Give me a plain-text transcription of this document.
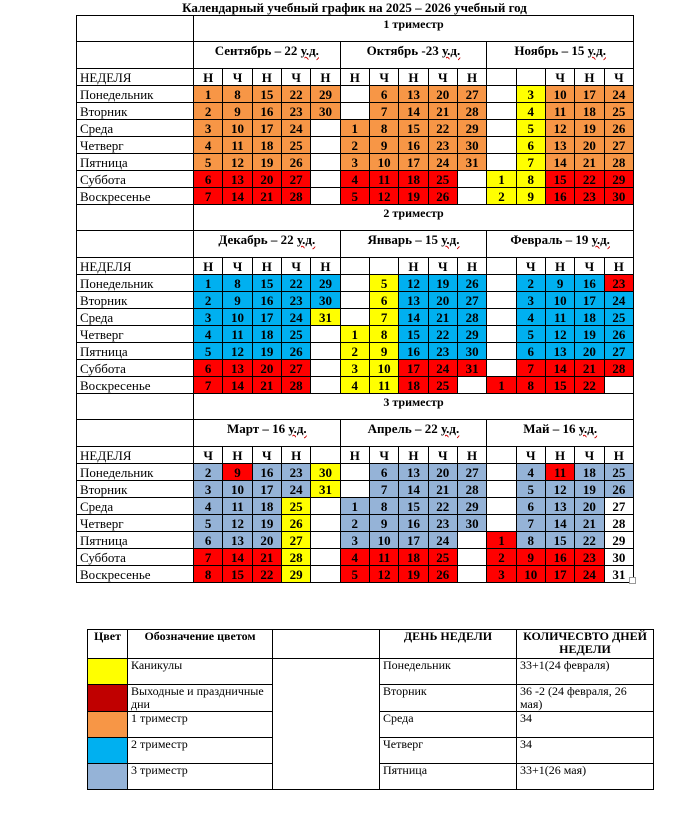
Календарный учебный график на 2025 – 2026 учебный год
	1 триместр														
	Сентябрь – 22 у.д.					Октябрь -23 у.д.					Ноябрь – 15 у.д.				
НЕДЕЛЯ	Н	Ч	Н	Ч	Н	Н	Ч	Н	Ч	Н			Ч	Н	Ч
Понедельник	1	8	15	22	29		6	13	20	27		3	10	17	24
Вторник	2	9	16	23	30		7	14	21	28		4	11	18	25
Среда	3	10	17	24		1	8	15	22	29		5	12	19	26
Четверг	4	11	18	25		2	9	16	23	30		6	13	20	27
Пятница	5	12	19	26		3	10	17	24	31		7	14	21	28
Суббота	6	13	20	27		4	11	18	25		1	8	15	22	29
Воскресенье	7	14	21	28		5	12	19	26		2	9	16	23	30
	2 триместр														
	Декабрь – 22 у.д.					Январь – 15 у.д.					Февраль – 19 у.д.				
НЕДЕЛЯ	Н	Ч	Н	Ч	Н			Н	Ч	Н		Ч	Н	Ч	Н
Понедельник	1	8	15	22	29		5	12	19	26		2	9	16	23
Вторник	2	9	16	23	30		6	13	20	27		3	10	17	24
Среда	3	10	17	24	31		7	14	21	28		4	11	18	25
Четверг	4	11	18	25		1	8	15	22	29		5	12	19	26
Пятница	5	12	19	26		2	9	16	23	30		6	13	20	27
Суббота	6	13	20	27		3	10	17	24	31		7	14	21	28
Воскресенье	7	14	21	28		4	11	18	25		1	8	15	22	
	3 триместр														
	Март – 16 у.д.					Апрель – 22 у.д.					Май – 16 у.д.				
НЕДЕЛЯ	Ч	Н	Ч	Н		Н	Ч	Н	Ч	Н		Ч	Н	Ч	Н
Понедельник	2	9	16	23	30		6	13	20	27		4	11	18	25
Вторник	3	10	17	24	31		7	14	21	28		5	12	19	26
Среда	4	11	18	25		1	8	15	22	29		6	13	20	27
Четверг	5	12	19	26		2	9	16	23	30		7	14	21	28
Пятница	6	13	20	27		3	10	17	24		1	8	15	22	29
Суббота	7	14	21	28		4	11	18	25		2	9	16	23	30
Воскресенье	8	15	22	29		5	12	19	26		3	10	17	24	31
Цвет	Обозначение цветом		ДЕНЬ НЕДЕЛИ	КОЛИЧЕСВТО ДНЕЙ НЕДЕЛИ
	Каникулы		Понедельник	33+1(24 февраля)
	Выходные и праздничные дни		Вторник	36 -2 (24 февраля, 26 мая)
	1 триместр		Среда	34
	2 триместр		Четверг	34
	3 триместр		Пятница	33+1(26 мая)
